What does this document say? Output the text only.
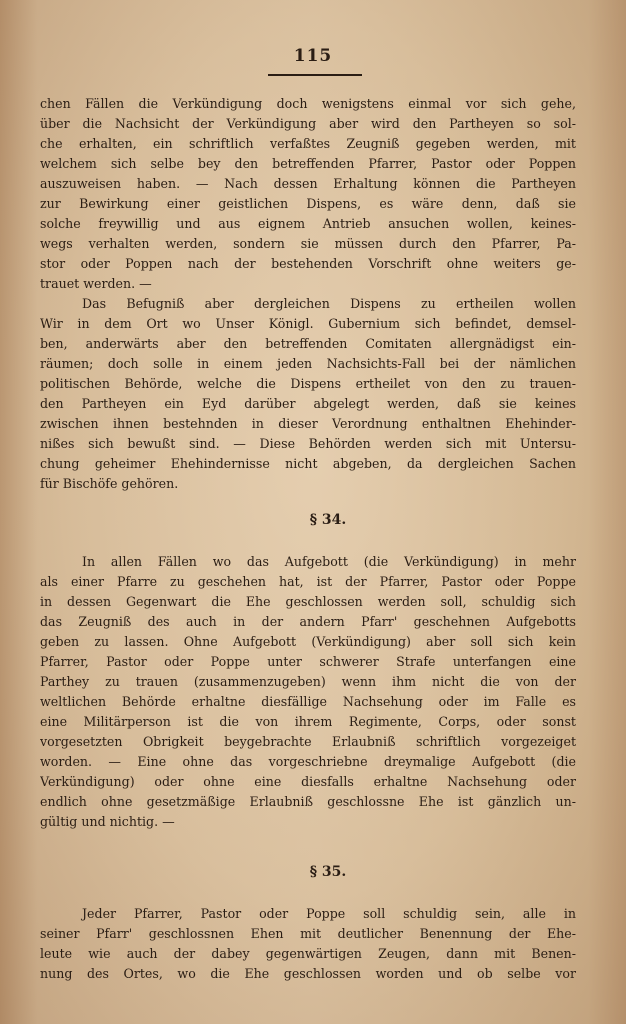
115
chen Fällen die Verkündigung doch wenigstens einmal vor sich gehe,
über die Nachsicht der Verkündigung aber wird den Partheyen so sol-
che erhalten, ein schriftlich verfaßtes Zeugniß gegeben werden, mit
welchem sich selbe bey den betreffenden Pfarrer, Pastor oder Poppen
auszuweisen haben. — Nach dessen Erhaltung können die Partheyen
zur Bewirkung einer geistlichen Dispens, es wäre denn, daß sie
solche freywillig und aus eignem Antrieb ansuchen wollen, keines-
wegs verhalten werden, sondern sie müssen durch den Pfarrer, Pa-
stor oder Poppen nach der bestehenden Vorschrift ohne weiters ge-
trauet werden. —
Das Befugniß aber dergleichen Dispens zu ertheilen wollen
Wir in dem Ort wo Unser Königl. Gubernium sich befindet, demsel-
ben, anderwärts aber den betreffenden Comitaten allergnädigst ein-
räumen; doch solle in einem jeden Nachsichts-Fall bei der nämlichen
politischen Behörde, welche die Dispens ertheilet von den zu trauen-
den Partheyen ein Eyd darüber abgelegt werden, daß sie keines
zwischen ihnen bestehnden in dieser Verordnung enthaltnen Ehehinder-
nißes sich bewußt sind. — Diese Behörden werden sich mit Untersu-
chung geheimer Ehehindernisse nicht abgeben, da dergleichen Sachen
für Bischöfe gehören.
§ 34.
In allen Fällen wo das Aufgebott (die Verkündigung) in mehr
als einer Pfarre zu geschehen hat, ist der Pfarrer, Pastor oder Poppe
in dessen Gegenwart die Ehe geschlossen werden soll, schuldig sich
das Zeugniß des auch in der andern Pfarr' geschehnen Aufgebotts
geben zu lassen. Ohne Aufgebott (Verkündigung) aber soll sich kein
Pfarrer, Pastor oder Poppe unter schwerer Strafe unterfangen eine
Parthey zu trauen (zusammenzugeben) wenn ihm nicht die von der
weltlichen Behörde erhaltne diesfällige Nachsehung oder im Falle es
eine Militärperson ist die von ihrem Regimente, Corps, oder sonst
vorgesetzten Obrigkeit beygebrachte Erlaubniß schriftlich vorgezeiget
worden. — Eine ohne das vorgeschriebne dreymalige Aufgebott (die
Verkündigung) oder ohne eine diesfalls erhaltne Nachsehung oder
endlich ohne gesetzmäßige Erlaubniß geschlossne Ehe ist gänzlich un-
gültig und nichtig. —
§ 35.
Jeder Pfarrer, Pastor oder Poppe soll schuldig sein, alle in
seiner Pfarr' geschlossnen Ehen mit deutlicher Benennung der Ehe-
leute wie auch der dabey gegenwärtigen Zeugen, dann mit Benen-
nung des Ortes, wo die Ehe geschlossen worden und ob selbe vor
